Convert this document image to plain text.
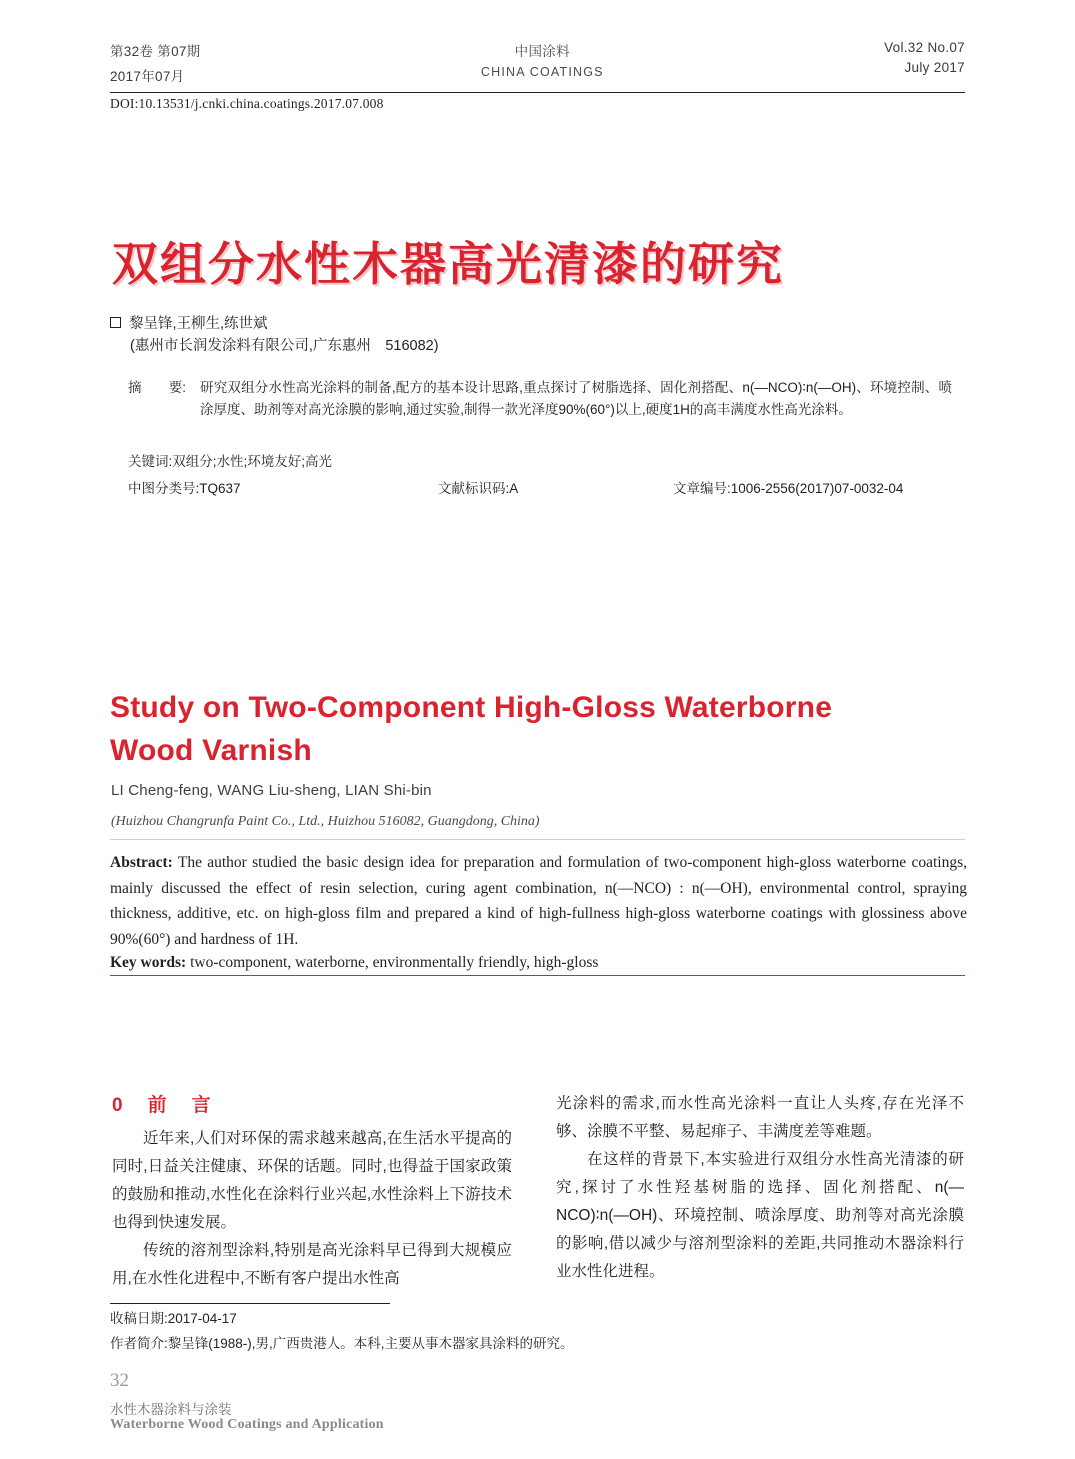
第32卷 第07期
2017年07月
中国涂料
CHINA COATINGS
Vol.32 No.07
July 2017
DOI:10.13531/j.cnki.china.coatings.2017.07.008
双组分水性木器高光清漆的研究
黎呈锋,王柳生,练世斌
(惠州市长润发涂料有限公司,广东惠州　516082)
摘 要: 研究双组分水性高光涂料的制备,配方的基本设计思路,重点探讨了树脂选择、固化剂搭配、n(—NCO)∶n(—OH)、环境控制、喷涂厚度、助剂等对高光涂膜的影响,通过实验,制得一款光泽度90%(60°)以上,硬度1H的高丰满度水性高光涂料。
关键词:双组分;水性;环境友好;高光
中图分类号:TQ637	文献标识码:A	文章编号:1006-2556(2017)07-0032-04
Study on Two-Component High-Gloss Waterborne Wood Varnish
LI Cheng-feng, WANG Liu-sheng, LIAN Shi-bin
(Huizhou Changrunfa Paint Co., Ltd., Huizhou 516082, Guangdong, China)
Abstract: The author studied the basic design idea for preparation and formulation of two-component high-gloss waterborne coatings, mainly discussed the effect of resin selection, curing agent combination, n(—NCO) : n(—OH), environmental control, spraying thickness, additive, etc. on high-gloss film and prepared a kind of high-fullness high-gloss waterborne coatings with glossiness above 90%(60°) and hardness of 1H.
Key words: two-component, waterborne, environmentally friendly, high-gloss
0　前　言

近年来,人们对环保的需求越来越高,在生活水平提高的同时,日益关注健康、环保的话题。同时,也得益于国家政策的鼓励和推动,水性化在涂料行业兴起,水性涂料上下游技术也得到快速发展。

传统的溶剂型涂料,特别是高光涂料早已得到大规模应用,在水性化进程中,不断有客户提出水性高

光涂料的需求,而水性高光涂料一直让人头疼,存在光泽不够、涂膜不平整、易起痱子、丰满度差等难题。

在这样的背景下,本实验进行双组分水性高光清漆的研究,探讨了水性羟基树脂的选择、固化剂搭配、n(—NCO)∶n(—OH)、环境控制、喷涂厚度、助剂等对高光涂膜的影响,借以减少与溶剂型涂料的差距,共同推动木器涂料行业水性化进程。

收稿日期:2017-04-17
作者简介:黎呈锋(1988-),男,广西贵港人。本科,主要从事木器家具涂料的研究。
32
水性木器涂料与涂装
Waterborne Wood Coatings and Application
